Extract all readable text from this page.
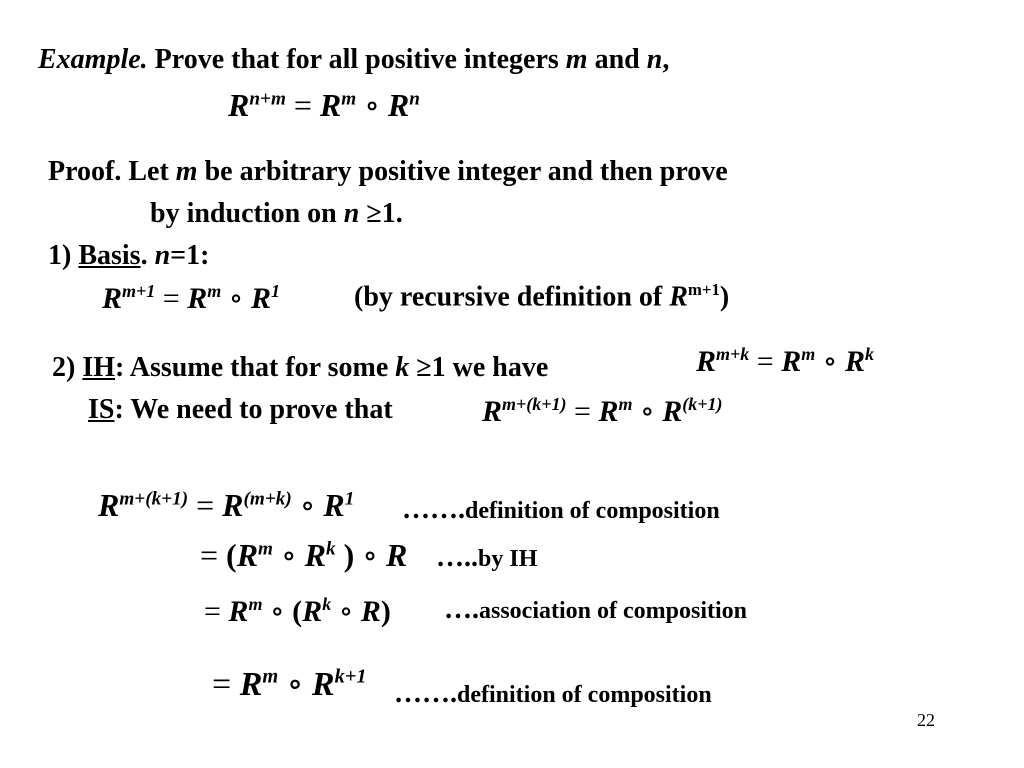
Example. Prove that for all positive integers m and n,
$R^{n+m} = R^m$ ∘ $R^n$
Proof. Let m be arbitrary positive integer and then prove
by induction on n ≥1.
1) Basis. n=1:
$R^{m+1} = R^m$ ∘ $R^1$	(by recursive definition of $R^{m+1}$)
2) IH: Assume that for some k ≥1 we have	$R^{m+k} = R^m$ ∘ $R^k$
IS: We need to prove that	$R^{m+(k+1)} = R^m$ ∘ $R^{(k+1)}$
$R^{m+(k+1)} = R^{(m+k)}$ ∘ $R^1$ …….definition of composition
= ($R^m$ ∘ $R^k$ ) ∘ R …..by IH
= $R^m$ ∘ ($R^k$ ∘ R) ….association of composition
= $R^m$ ∘ $R^{k+1}$
…….definition of composition
22
